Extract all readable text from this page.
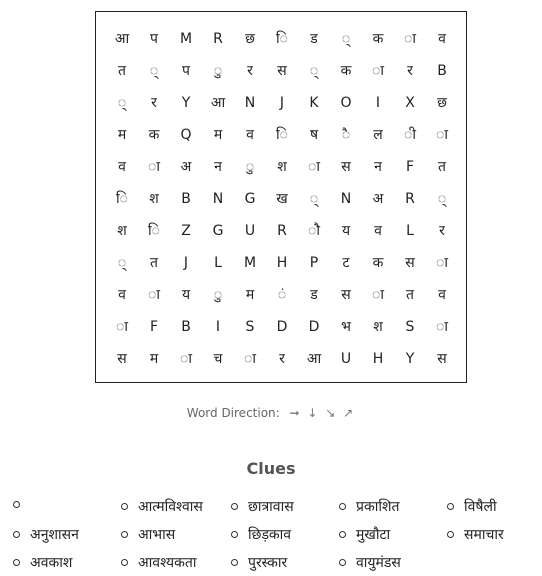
आ	प	M	R	छ	ि	ड	्	क	ा	व
त	्	प	ु	र	स	्	क	ा	र	B
्	र	Y	आ	N	J	K	O	I	X	छ
म	क	Q	म	व	ि	ष	ै	ल	ी	ा
व	ा	अ	न	ु	श	ा	स	न	F	त
ि	श	B	N	G	ख	्	N	अ	R	्
श	ि	Z	G	U	R	ौ	य	व	L	र
्	त	J	L	M	H	P	ट	क	स	ा
व	ा	य	ु	म	ं	ड	स	ा	त	व
ा	F	B	I	S	D	D	भ	श	S	ा
स	म	ा	च	ा	र	आ	U	H	Y	स
Word Direction: ➞ ↓ ↘ ↗
Clues
आत्मविश्वास	छात्रावास	प्रकाशित	विषैली
अनुशासन	आभास	छिड़काव	मुखौटा	समाचार
अवकाश	आवश्यकता	पुरस्कार	वायुमंडस
